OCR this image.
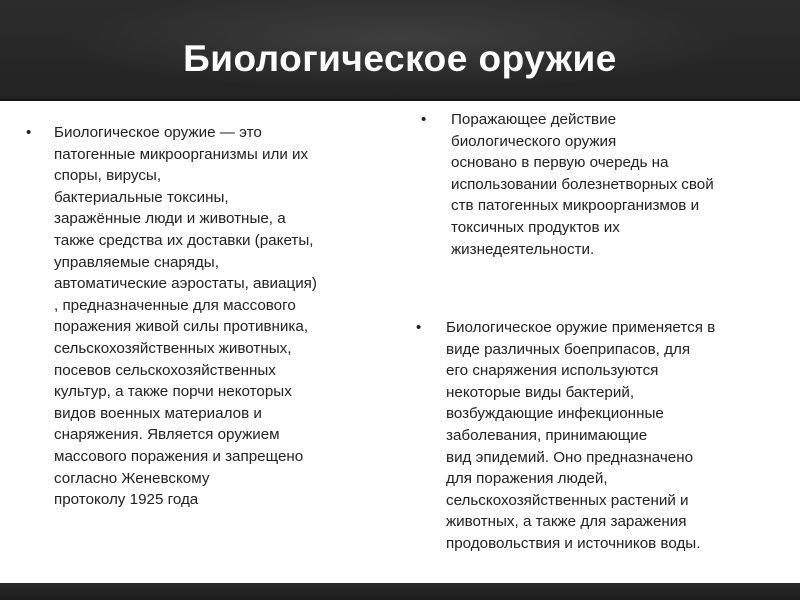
Биологическое оружие
• Биологическое оружие — это
патогенные микроорганизмы или их
споры, вирусы,
бактериальные токсины,
заражённые люди и животные, а
также средства их доставки (ракеты,
управляемые снаряды,
автоматические аэростаты, авиация)
, предназначенные для массового
поражения живой силы противника,
сельскохозяйственных животных,
посевов сельскохозяйственных
культур, а также порчи некоторых
видов военных материалов и
снаряжения. Является оружием
массового поражения и запрещено
согласно Женевскому
протоколу 1925 года
• Поражающее действие
биологического оружия
основано в первую очередь на
использовании болезнетворных свой
ств патогенных микроорганизмов и
токсичных продуктов их
жизнедеятельности.
• Биологическое оружие применяется в
виде различных боеприпасов, для
его снаряжения используются
некоторые виды бактерий,
возбуждающие инфекционные
заболевания, принимающие
вид эпидемий. Оно предназначено
для поражения людей,
сельскохозяйственных растений и
животных, а также для заражения
продовольствия и источников воды.
